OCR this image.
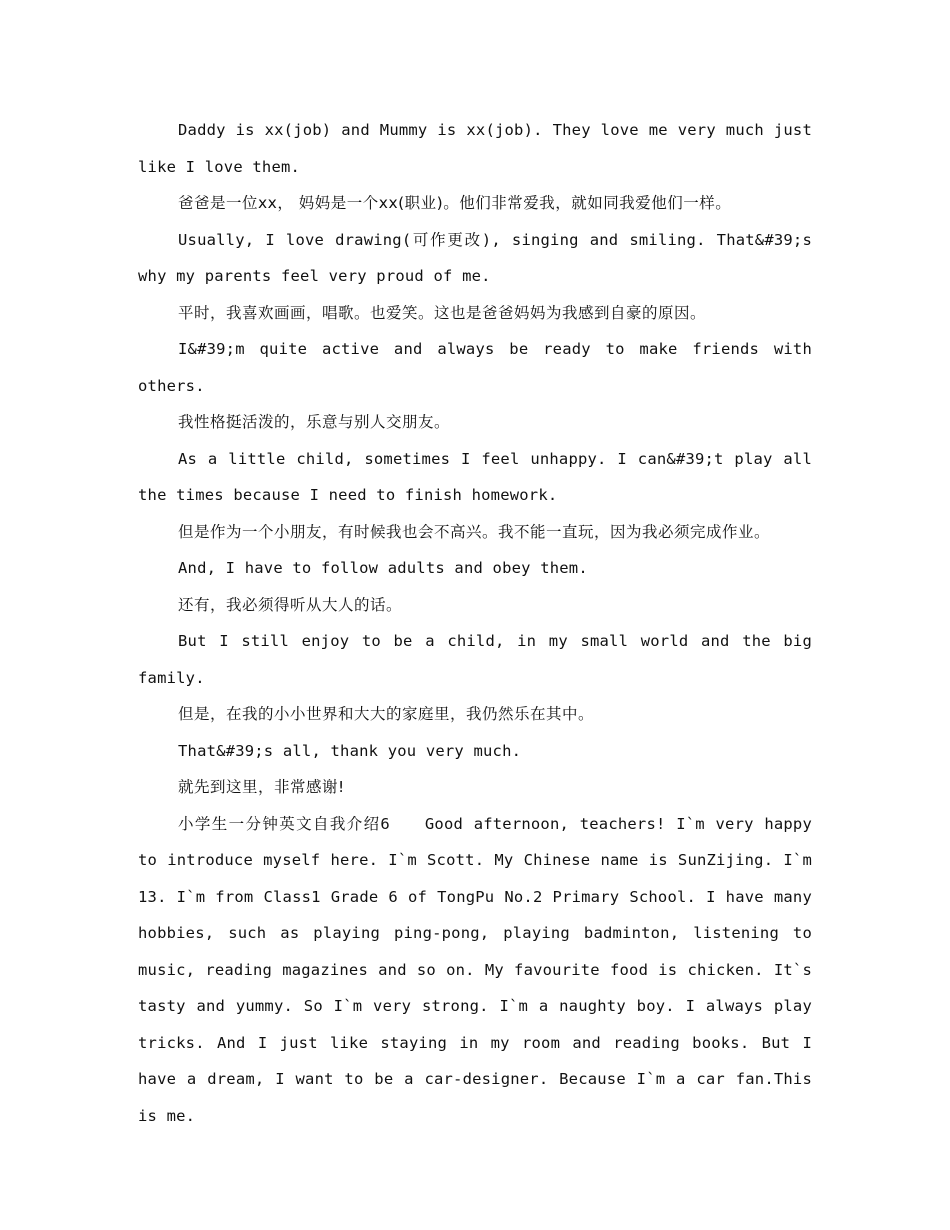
Daddy is xx(job) and Mummy is xx(job). They love me very much just like I love them.

爸爸是一位xx， 妈妈是一个xx(职业)。他们非常爱我，就如同我爱他们一样。

Usually, I love drawing(可作更改), singing and smiling. That&#39;s why my parents feel very proud of me.

平时，我喜欢画画，唱歌。也爱笑。这也是爸爸妈妈为我感到自豪的原因。

I&#39;m quite active and always be ready to make friends with others.

我性格挺活泼的，乐意与别人交朋友。

As a little child, sometimes I feel unhappy. I can&#39;t play all the times because I need to finish homework.

但是作为一个小朋友，有时候我也会不高兴。我不能一直玩，因为我必须完成作业。

And, I have to follow adults and obey them.

还有，我必须得听从大人的话。

But I still enjoy to be a child, in my small world and the big family.

但是，在我的小小世界和大大的家庭里，我仍然乐在其中。

That&#39;s all, thank you very much.

就先到这里，非常感谢!

小学生一分钟英文自我介绍6　　Good afternoon, teachers! I`m very happy to introduce myself here. I`m Scott. My Chinese name is SunZijing. I`m 13. I`m from Class1 Grade 6 of TongPu No.2 Primary School. I have many hobbies, such as playing ping-pong, playing badminton, listening to music, reading magazines and so on. My favourite food is chicken. It`s tasty and yummy. So I`m very strong. I`m a naughty boy. I always play tricks. And I just like staying in my room and reading books. But I have a dream, I want to be a car-designer. Because I`m a car fan.This is me.
